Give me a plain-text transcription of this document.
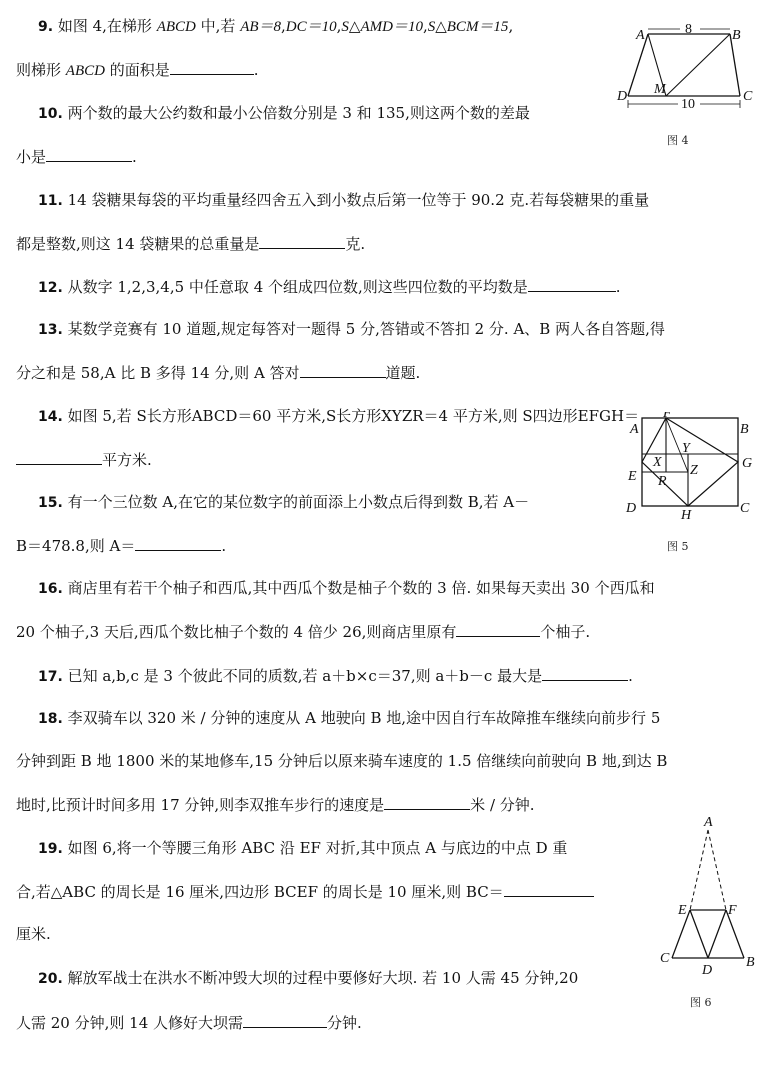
9. 如图 4,在梯形 ABCD 中,若 AB＝8,DC＝10,S△AMD＝10,S△BCM＝15,
则梯形 ABCD 的面积是	.
A	B
C
D M
8
10
图 4
10. 两个数的最大公约数和最小公倍数分别是 3 和 135,则这两个数的差最
小是	.
11. 14 袋糖果每袋的平均重量经四舍五入到小数点后第一位等于 90.2 克.若每袋糖果的重量
都是整数,则这 14 袋糖果的总重量是	克.
12. 从数字 1,2,3,4,5 中任意取 4 个组成四位数,则这些四位数的平均数是	.
13. 某数学竞赛有 10 道题,规定每答对一题得 5 分,答错或不答扣 2 分. A、B 两人各自答题,得
分之和是 58,A 比 B 多得 14 分,则 A 答对	道题.
14. 如图 5,若 S长方形ABCD＝60 平方米,S长方形XYZR＝4 平方米,则 S四边形EFGH＝
平方米.
A	B
C
D
E
F
G
H
X
Y
Z
R
图 5
15. 有一个三位数 A,在它的某位数字的前面添上小数点后得到数 B,若 A－
B＝478.8,则 A＝	.
16. 商店里有若干个柚子和西瓜,其中西瓜个数是柚子个数的 3 倍. 如果每天卖出 30 个西瓜和
20 个柚子,3 天后,西瓜个数比柚子个数的 4 倍少 26,则商店里原有	个柚子.
17. 已知 a,b,c 是 3 个彼此不同的质数,若 a＋b×c＝37,则 a＋b－c 最大是	.
18. 李双骑车以 320 米 / 分钟的速度从 A 地驶向 B 地,途中因自行车故障推车继续向前步行 5
分钟到距 B 地 1800 米的某地修车,15 分钟后以原来骑车速度的 1.5 倍继续向前驶向 B 地,到达 B
地时,比预计时间多用 17 分钟,则李双推车步行的速度是	米 / 分钟.
19. 如图 6,将一个等腰三角形 ABC 沿 EF 对折,其中顶点 A 与底边的中点 D 重
合,若△ABC 的周长是 16 厘米,四边形 BCEF 的周长是 10 厘米,则 BC＝
厘米.
A
B
C
D
E	F
图 6
20. 解放军战士在洪水不断冲毁大坝的过程中要修好大坝. 若 10 人需 45 分钟,20
人需 20 分钟,则 14 人修好大坝需	分钟.
